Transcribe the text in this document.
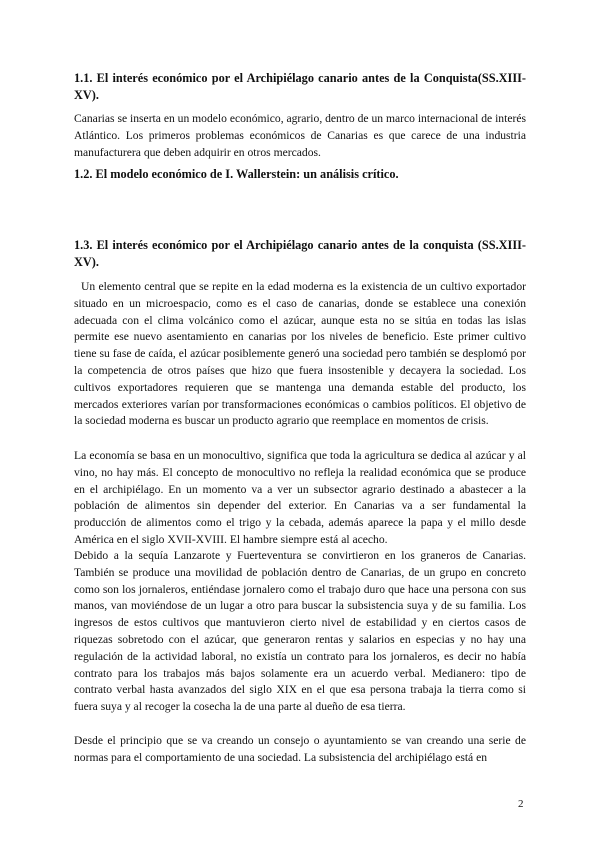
1.1. El interés económico por el Archipiélago canario antes de la Conquista(SS.XIII-XV).

Canarias se inserta en un modelo económico, agrario, dentro de un marco internacional de interés Atlántico. Los primeros problemas económicos de Canarias es que carece de una industria manufacturera que deben adquirir en otros mercados.

1.2. El modelo económico de I. Wallerstein: un análisis crítico.

1.3. El interés económico por el Archipiélago canario antes de la conquista (SS.XIII-XV).

Un elemento central que se repite en la edad moderna es la existencia de un cultivo exportador situado en un microespacio, como es el caso de canarias, donde se establece una conexión adecuada con el clima volcánico como el azúcar, aunque esta no se sitúa en todas las islas permite ese nuevo asentamiento en canarias por los niveles de beneficio. Este primer cultivo tiene su fase de caída, el azúcar posiblemente generó una sociedad pero también se desplomó por la competencia de otros países que hizo que fuera insostenible y decayera la sociedad. Los cultivos exportadores requieren que se mantenga una demanda estable del producto, los mercados exteriores varían por transformaciones económicas o cambios políticos. El objetivo de la sociedad moderna es buscar un producto agrario que reemplace en momentos de crisis.

La economía se basa en un monocultivo, significa que toda la agricultura se dedica al azúcar y al vino, no hay más. El concepto de monocultivo no refleja la realidad económica que se produce en el archipiélago. En un momento va a ver un subsector agrario destinado a abastecer a la población de alimentos sin depender del exterior. En Canarias va a ser fundamental la producción de alimentos como el trigo y la cebada, además aparece la papa y el millo desde América en el siglo XVII-XVIII. El hambre siempre está al acecho.

Debido a la sequía Lanzarote y Fuerteventura se convirtieron en los graneros de Canarias. También se produce una movilidad de población dentro de Canarias, de un grupo en concreto como son los jornaleros, entiéndase jornalero como el trabajo duro que hace una persona con sus manos, van moviéndose de un lugar a otro para buscar la subsistencia suya y de su familia. Los ingresos de estos cultivos que mantuvieron cierto nivel de estabilidad y en ciertos casos de riquezas sobretodo con el azúcar, que generaron rentas y salarios en especias y no hay una regulación de la actividad laboral, no existía un contrato para los jornaleros, es decir no había contrato para los trabajos más bajos solamente era un acuerdo verbal. Medianero: tipo de contrato verbal hasta avanzados del siglo XIX en el que esa persona trabaja la tierra como si fuera suya y al recoger la cosecha la de una parte al dueño de esa tierra.

Desde el principio que se va creando un consejo o ayuntamiento se van creando una serie de normas para el comportamiento de una sociedad. La subsistencia del archipiélago está en

2
